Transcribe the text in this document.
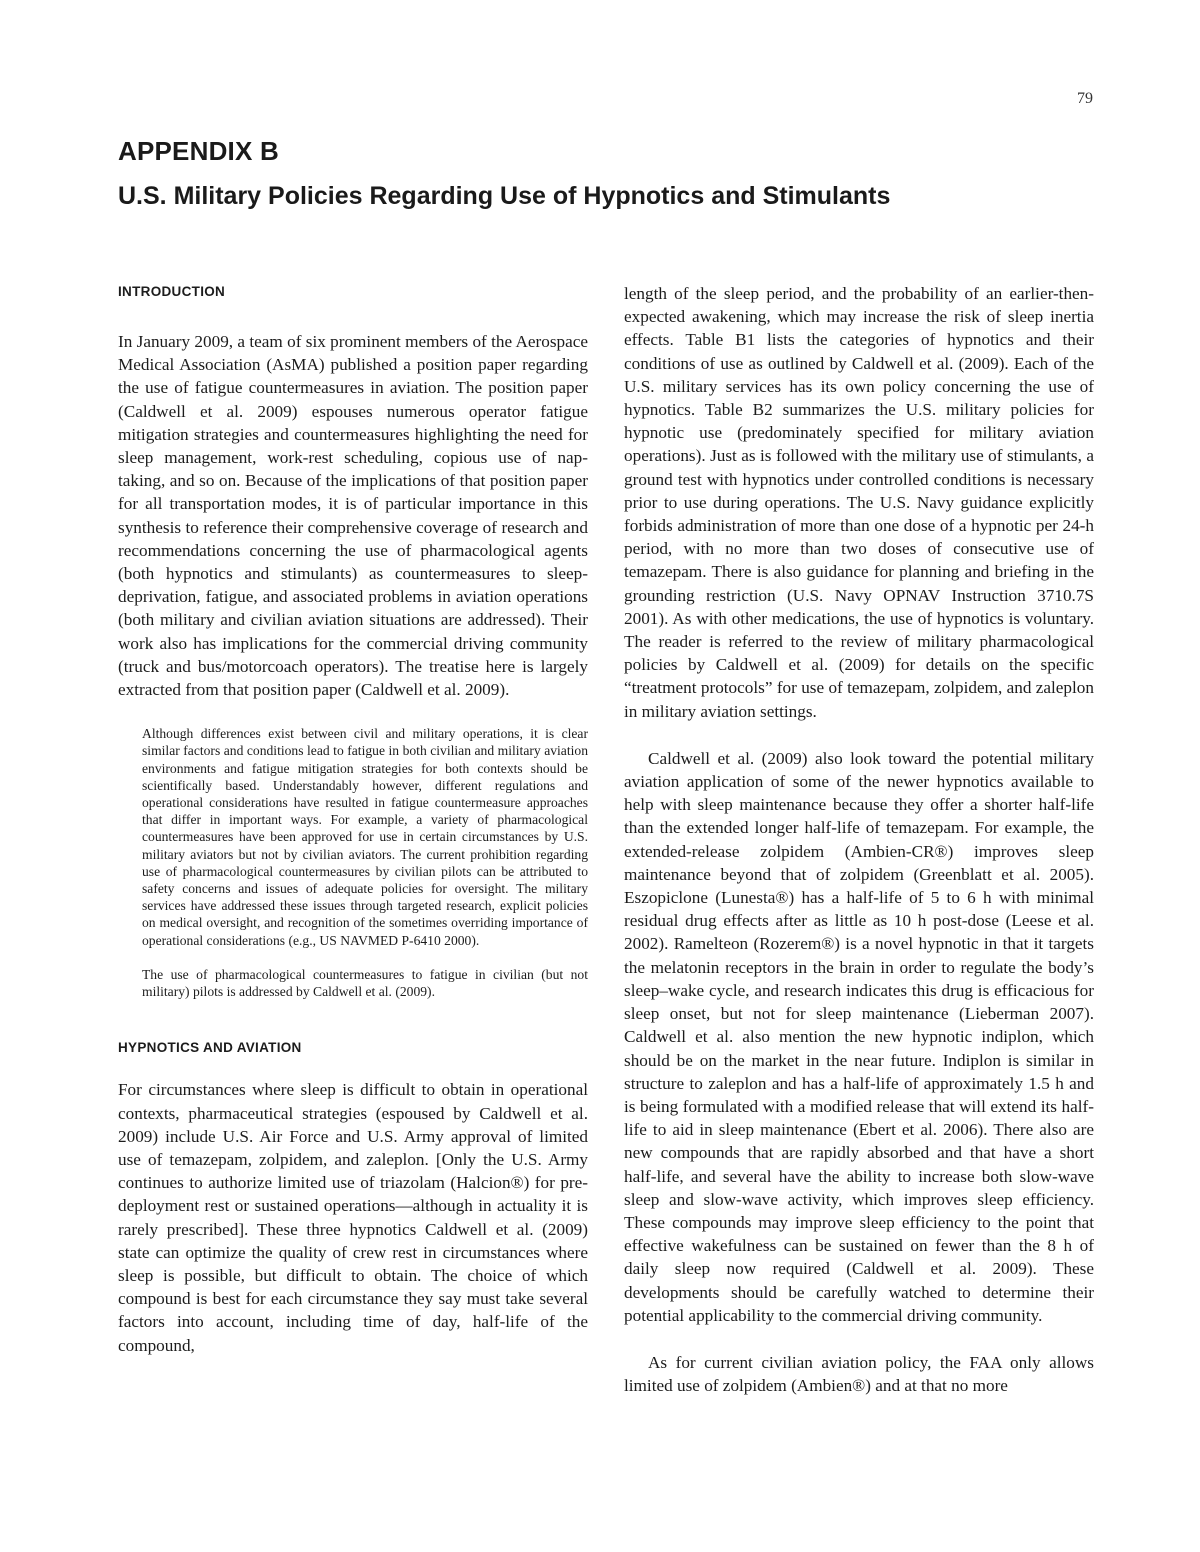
79
APPENDIX B
U.S. Military Policies Regarding Use of Hypnotics and Stimulants
INTRODUCTION

In January 2009, a team of six prominent members of the Aerospace Medical Association (AsMA) published a position paper regarding the use of fatigue countermeasures in aviation. The position paper (Caldwell et al. 2009) espouses numerous operator fatigue mitigation strategies and countermeasures highlighting the need for sleep management, work-rest scheduling, copious use of nap-taking, and so on. Because of the implications of that position paper for all transportation modes, it is of particular importance in this synthesis to reference their comprehensive coverage of research and recommendations concerning the use of pharmacological agents (both hypnotics and stimulants) as countermeasures to sleep-deprivation, fatigue, and associated problems in aviation operations (both military and civilian aviation situations are addressed). Their work also has implications for the commercial driving community (truck and bus/motorcoach operators). The treatise here is largely extracted from that position paper (Caldwell et al. 2009).

Although differences exist between civil and military operations, it is clear similar factors and conditions lead to fatigue in both civilian and military aviation environments and fatigue mitigation strategies for both contexts should be scientifically based. Understandably however, different regulations and operational considerations have resulted in fatigue countermeasure approaches that differ in important ways. For example, a variety of pharmacological countermeasures have been approved for use in certain circumstances by U.S. military aviators but not by civilian aviators. The current prohibition regarding use of pharmacological countermeasures by civilian pilots can be attributed to safety concerns and issues of adequate policies for oversight. The military services have addressed these issues through targeted research, explicit policies on medical oversight, and recognition of the sometimes overriding importance of operational considerations (e.g., US NAVMED P-6410 2000).

The use of pharmacological countermeasures to fatigue in civilian (but not military) pilots is addressed by Caldwell et al. (2009).

HYPNOTICS AND AVIATION

For circumstances where sleep is difficult to obtain in operational contexts, pharmaceutical strategies (espoused by Caldwell et al. 2009) include U.S. Air Force and U.S. Army approval of limited use of temazepam, zolpidem, and zaleplon. [Only the U.S. Army continues to authorize limited use of triazolam (Halcion®) for pre-deployment rest or sustained operations—although in actuality it is rarely prescribed]. These three hypnotics Caldwell et al. (2009) state can optimize the quality of crew rest in circumstances where sleep is possible, but difficult to obtain. The choice of which compound is best for each circumstance they say must take several factors into account, including time of day, half-life of the compound,

length of the sleep period, and the probability of an earlier-then-expected awakening, which may increase the risk of sleep inertia effects. Table B1 lists the categories of hypnotics and their conditions of use as outlined by Caldwell et al. (2009). Each of the U.S. military services has its own policy concerning the use of hypnotics. Table B2 summarizes the U.S. military policies for hypnotic use (predominately specified for military aviation operations). Just as is followed with the military use of stimulants, a ground test with hypnotics under controlled conditions is necessary prior to use during operations. The U.S. Navy guidance explicitly forbids administration of more than one dose of a hypnotic per 24-h period, with no more than two doses of consecutive use of temazepam. There is also guidance for planning and briefing in the grounding restriction (U.S. Navy OPNAV Instruction 3710.7S 2001). As with other medications, the use of hypnotics is voluntary. The reader is referred to the review of military pharmacological policies by Caldwell et al. (2009) for details on the specific “treatment protocols” for use of temazepam, zolpidem, and zaleplon in military aviation settings.

Caldwell et al. (2009) also look toward the potential military aviation application of some of the newer hypnotics available to help with sleep maintenance because they offer a shorter half-life than the extended longer half-life of temazepam. For example, the extended-release zolpidem (Ambien-CR®) improves sleep maintenance beyond that of zolpidem (Greenblatt et al. 2005). Eszopiclone (Lunesta®) has a half-life of 5 to 6 h with minimal residual drug effects after as little as 10 h post-dose (Leese et al. 2002). Ramelteon (Rozerem®) is a novel hypnotic in that it targets the melatonin receptors in the brain in order to regulate the body’s sleep–wake cycle, and research indicates this drug is efficacious for sleep onset, but not for sleep maintenance (Lieberman 2007). Caldwell et al. also mention the new hypnotic indiplon, which should be on the market in the near future. Indiplon is similar in structure to zaleplon and has a half-life of approximately 1.5 h and is being formulated with a modified release that will extend its half-life to aid in sleep maintenance (Ebert et al. 2006). There also are new compounds that are rapidly absorbed and that have a short half-life, and several have the ability to increase both slow-wave sleep and slow-wave activity, which improves sleep efficiency. These compounds may improve sleep efficiency to the point that effective wakefulness can be sustained on fewer than the 8 h of daily sleep now required (Caldwell et al. 2009). These developments should be carefully watched to determine their potential applicability to the commercial driving community.

As for current civilian aviation policy, the FAA only allows limited use of zolpidem (Ambien®) and at that no more
